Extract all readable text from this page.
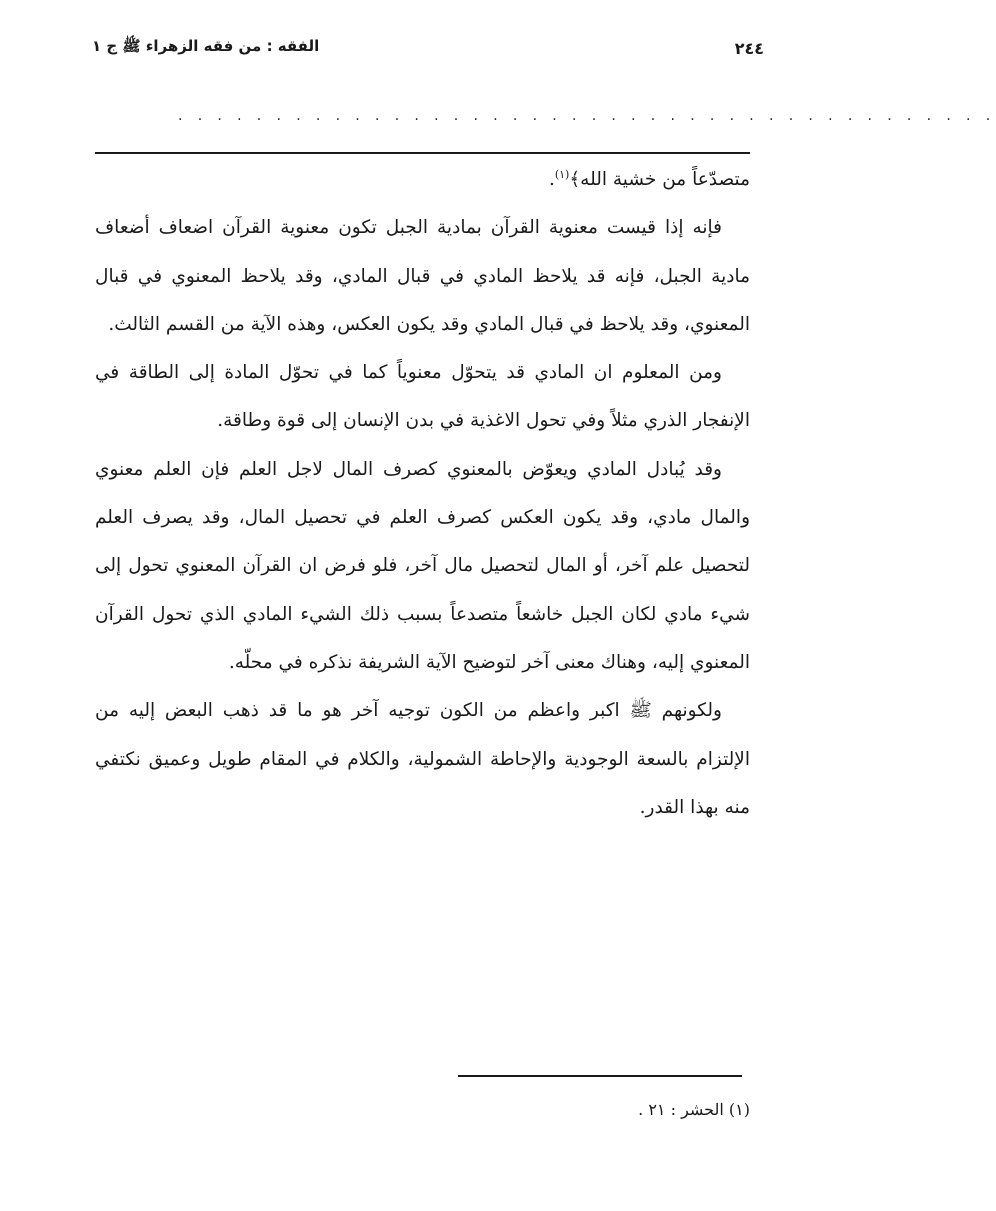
٢٤٤
الفقه : من فقه الزهراء ﷺ ج ١
. . . . . . . . . . . . . . . . . . . . . . . . . . . . . . . . . . . . . . . . . .

متصدّعاً من خشية الله﴾$^{(١)}$.

فإنه إذا قيست معنوية القرآن بمادية الجبل تكون معنوية القرآن اضعاف أضعاف مادية الجبل، فإنه قد يلاحظ المادي في قبال المادي، وقد يلاحظ المعنوي في قبال المعنوي، وقد يلاحظ في قبال المادي وقد يكون العكس، وهذه الآية من القسم الثالث.

ومن المعلوم ان المادي قد يتحوّل معنوياً كما في تحوّل المادة إلى الطاقة في الإنفجار الذري مثلاً وفي تحول الاغذية في بدن الإنسان إلى قوة وطاقة.

وقد يُبادل المادي ويعوّض بالمعنوي كصرف المال لاجل العلم فإن العلم معنوي والمال مادي، وقد يكون العكس كصرف العلم في تحصيل المال، وقد يصرف العلم لتحصيل علم آخر، أو المال لتحصيل مال آخر، فلو فرض ان القرآن المعنوي تحول إلى شيء مادي لكان الجبل خاشعاً متصدعاً بسبب ذلك الشيء المادي الذي تحول القرآن المعنوي إليه، وهناك معنى آخر لتوضيح الآية الشريفة نذكره في محلّه.

ولكونهم ﷺ اكبر واعظم من الكون توجيه آخر هو ما قد ذهب البعض إليه من الإلتزام بالسعة الوجودية والإحاطة الشمولية، والكلام في المقام طويل وعميق نكتفي منه بهذا القدر.

(١) الحشر : ٢١ .
